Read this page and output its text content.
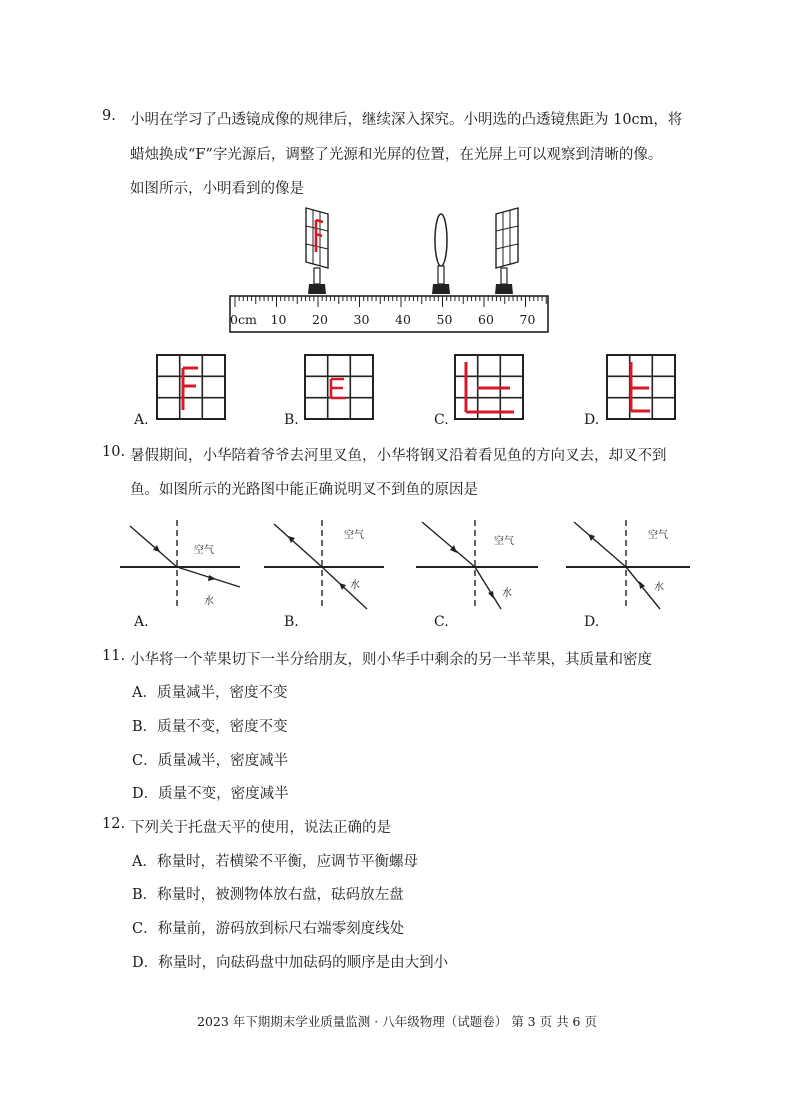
9. 小明在学习了凸透镜成像的规律后，继续深入探究。小明选的凸透镜焦距为 10cm，将
蜡烛换成“F”字光源后，调整了光源和光屏的位置，在光屏上可以观察到清晰的像。
如图所示，小明看到的像是
0cm 10 20 30 40 50 60 70
A.	B.	C.	D.
10. 暑假期间，小华陪着爷爷去河里叉鱼，小华将钢叉沿着看见鱼的方向叉去，却叉不到
鱼。如图所示的光路图中能正确说明叉不到鱼的原因是
空气
水
空气
水
空气
水
空气
水
A.	B.	C.	D.
11. 小华将一个苹果切下一半分给朋友，则小华手中剩余的另一半苹果，其质量和密度
A．质量减半，密度不变
B．质量不变，密度不变
C．质量减半，密度减半
D．质量不变，密度减半
12. 下列关于托盘天平的使用，说法正确的是
A．称量时，若横梁不平衡，应调节平衡螺母
B．称量时，被测物体放右盘，砝码放左盘
C．称量前，游码放到标尺右端零刻度线处
D．称量时，向砝码盘中加砝码的顺序是由大到小
2023 年下期期末学业质量监测 · 八年级物理（试题卷） 第 3 页 共 6 页
